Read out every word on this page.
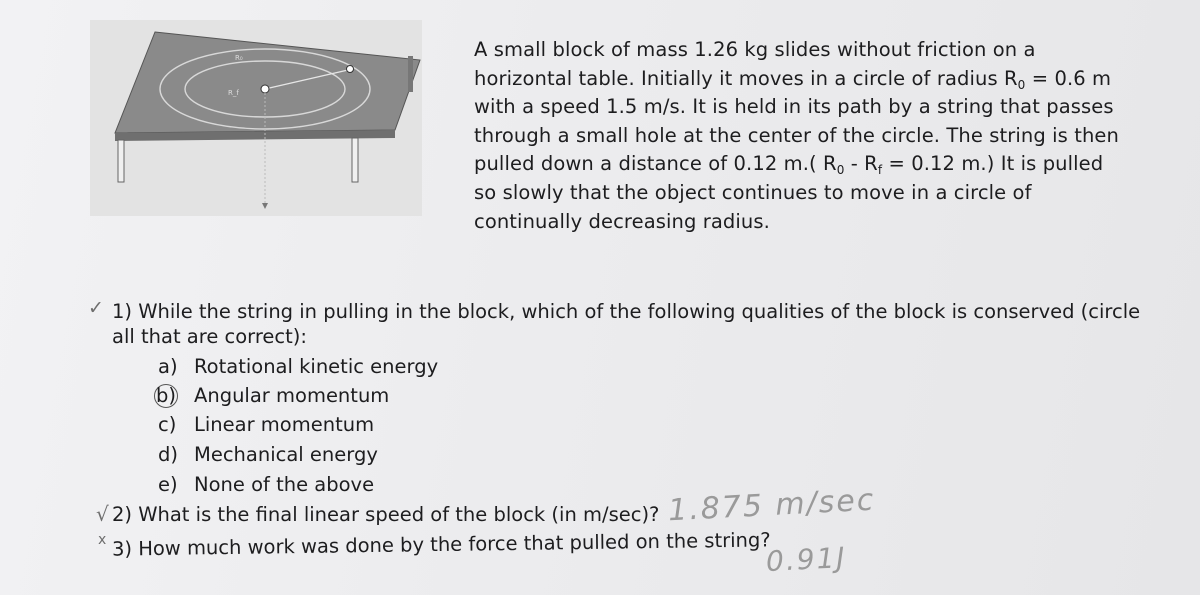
R₀
R_f
A small block of mass 1.26 kg slides without friction on a
horizontal table. Initially it moves in a circle of radius $R_0 = 0.6$ m
with a speed 1.5 m/s. It is held in its path by a string that passes
through a small hole at the center of the circle. The string is then
pulled down a distance of 0.12 m.( $R_0 - R_f = 0.12$ m.) It is pulled
so slowly that the object continues to move in a circle of
continually decreasing radius.
✓ 1) While the string in pulling in the block, which of the following qualities of the block is conserved (circle
all that are correct):
a) Rotational kinetic energy
b) Angular momentum
c) Linear momentum
d) Mechanical energy
e) None of the above
√ 2) What is the final linear speed of the block (in m/sec)? 1.875 m/sec
x 3) How much work was done by the force that pulled on the string?
0.91J
